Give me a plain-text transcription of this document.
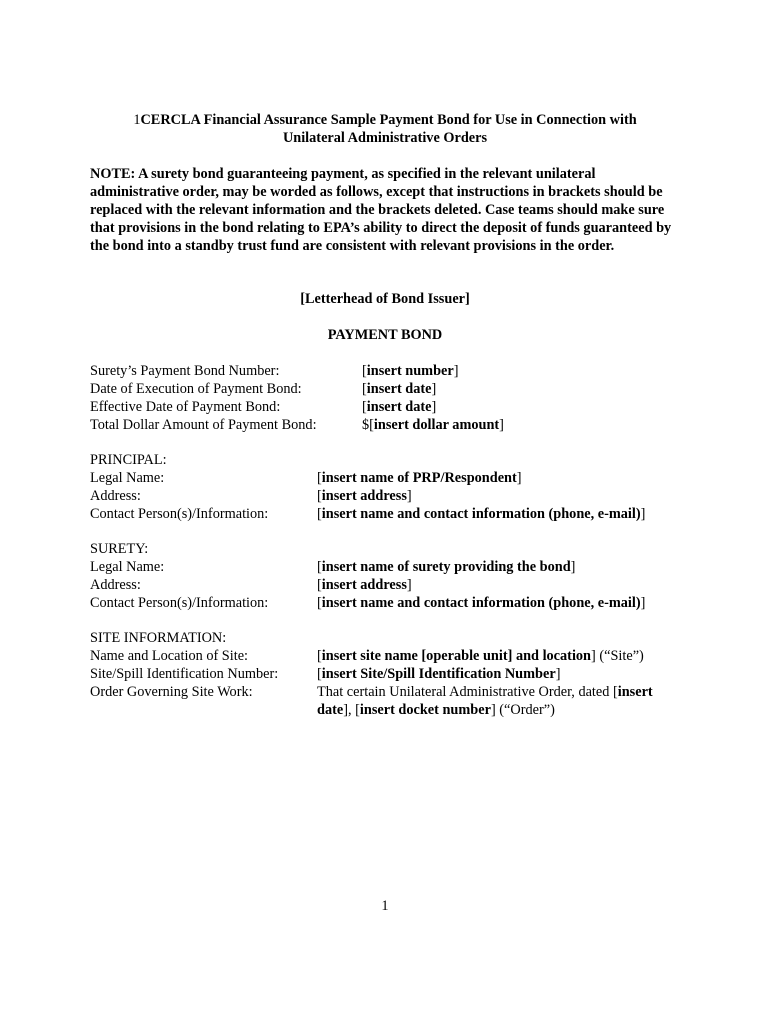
1CERCLA Financial Assurance Sample Payment Bond for Use in Connection with
Unilateral Administrative Orders
NOTE: A surety bond guaranteeing payment, as specified in the relevant unilateral administrative order, may be worded as follows, except that instructions in brackets should be replaced with the relevant information and the brackets deleted. Case teams should make sure that provisions in the bond relating to EPA’s ability to direct the deposit of funds guaranteed by the bond into a standby trust fund are consistent with relevant provisions in the order.
[Letterhead of Bond Issuer]
PAYMENT BOND
Surety’s Payment Bond Number:	[insert number]
Date of Execution of Payment Bond:	[insert date]
Effective Date of Payment Bond:	[insert date]
Total Dollar Amount of Payment Bond:	$[insert dollar amount]
PRINCIPAL:
Legal Name:	[insert name of PRP/Respondent]
Address:	[insert address]
Contact Person(s)/Information:	[insert name and contact information (phone, e-mail)]
SURETY:
Legal Name:	[insert name of surety providing the bond]
Address:	[insert address]
Contact Person(s)/Information:	[insert name and contact information (phone, e-mail)]
SITE INFORMATION:
Name and Location of Site:	[insert site name [operable unit] and location] (“Site”)
Site/Spill Identification Number:	[insert Site/Spill Identification Number]
Order Governing Site Work:	That certain Unilateral Administrative Order, dated [insert date], [insert docket number] (“Order”)
1
